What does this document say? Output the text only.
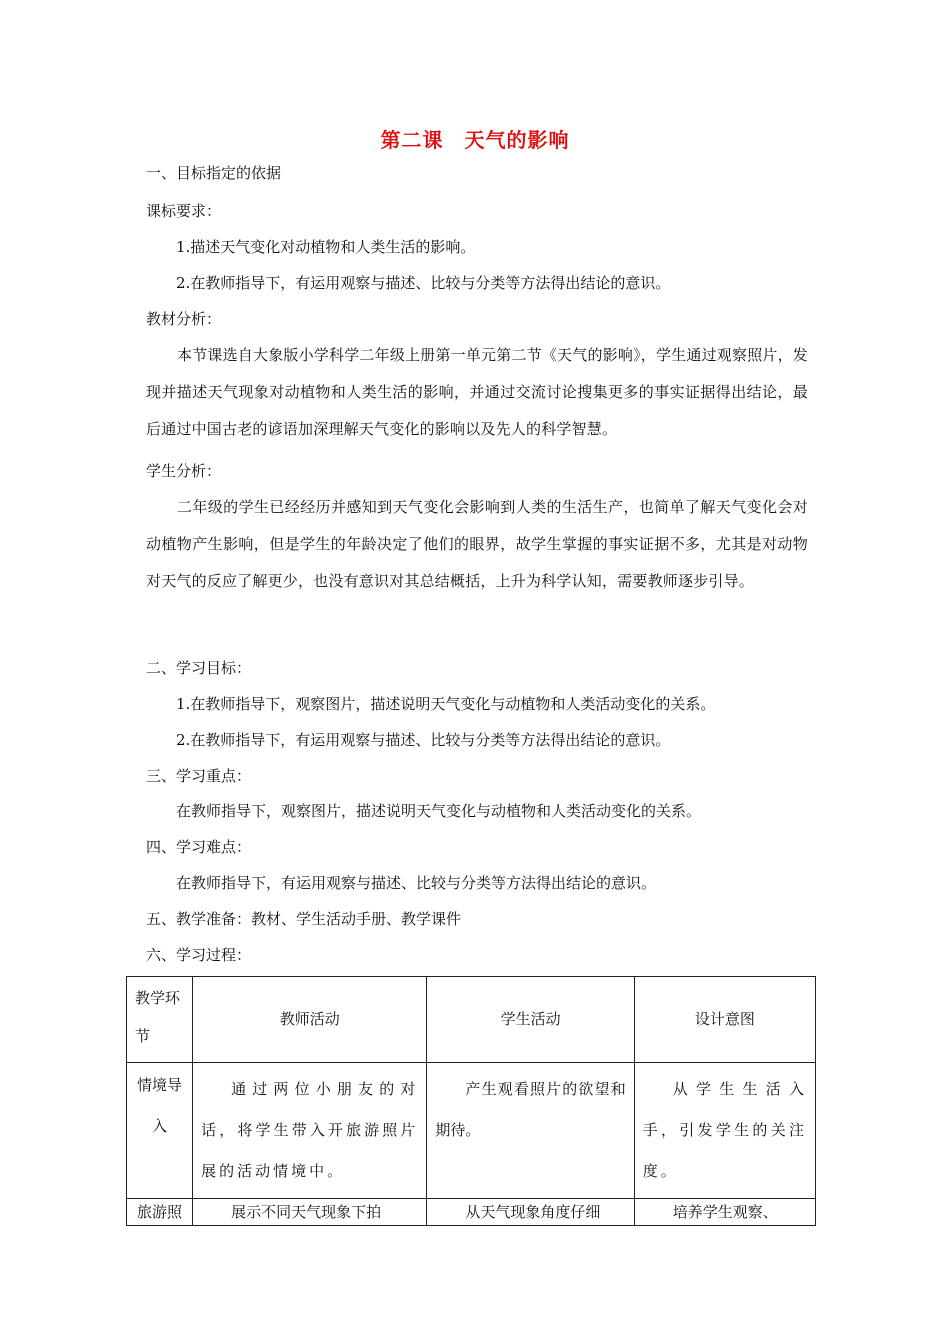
第二课　天气的影响
一、目标指定的依据
课标要求：
1.描述天气变化对动植物和人类生活的影响。
2.在教师指导下，有运用观察与描述、比较与分类等方法得出结论的意识。
教材分析：
本节课选自大象版小学科学二年级上册第一单元第二节《天气的影响》，学生通过观察照片，发现并描述天气现象对动植物和人类生活的影响，并通过交流讨论搜集更多的事实证据得出结论，最后通过中国古老的谚语加深理解天气变化的影响以及先人的科学智慧。
学生分析：
二年级的学生已经经历并感知到天气变化会影响到人类的生活生产，也简单了解天气变化会对动植物产生影响，但是学生的年龄决定了他们的眼界，故学生掌握的事实证据不多，尤其是对动物对天气的反应了解更少，也没有意识对其总结概括，上升为科学认知，需要教师逐步引导。
二、学习目标：
1.在教师指导下，观察图片，描述说明天气变化与动植物和人类活动变化的关系。
2.在教师指导下，有运用观察与描述、比较与分类等方法得出结论的意识。
三、学习重点：
在教师指导下，观察图片，描述说明天气变化与动植物和人类活动变化的关系。
四、学习难点：
在教师指导下，有运用观察与描述、比较与分类等方法得出结论的意识。
五、教学准备：教材、学生活动手册、教学课件
六、学习过程：
教学环
节	教师活动	学生活动	设计意图

情境导
入	通过两位小朋友的对话，将学生带入开旅游照片展的活动情境中。	产生观看照片的欲望和期待。	从学生生活入手，引发学生的关注度。

旅游照	展示不同天气现象下拍	从天气现象角度仔细	培养学生观察、
